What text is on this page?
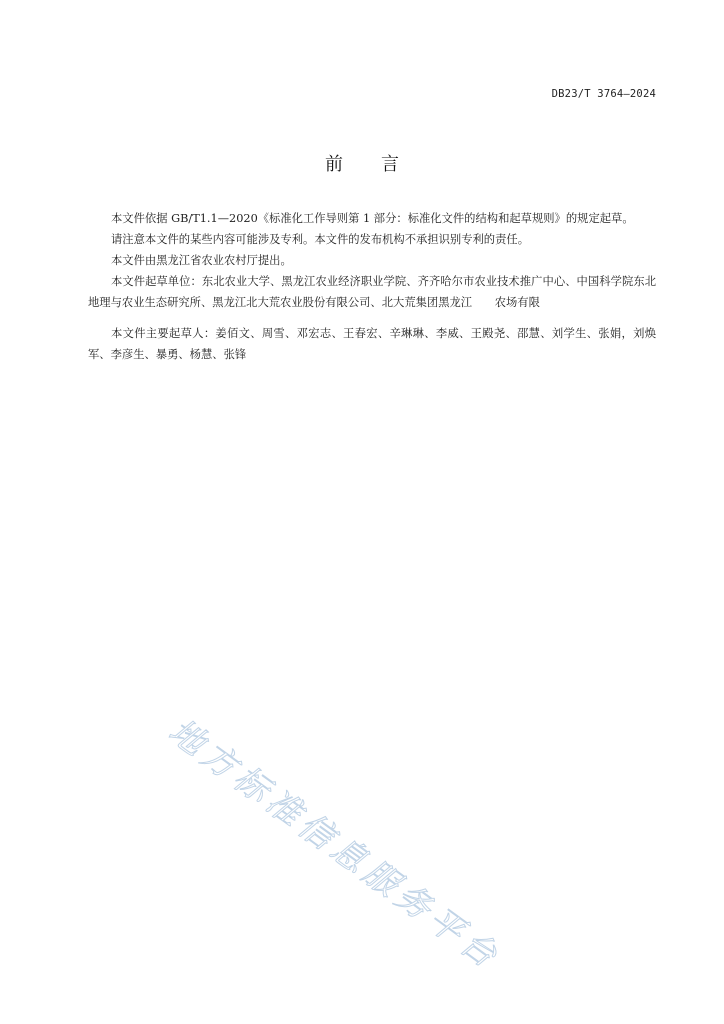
DB23/T 3764—2024
前 言

本文件依据 GB/T1.1—2020《标准化工作导则第 1 部分：标准化文件的结构和起草规则》的规定起草。

请注意本文件的某些内容可能涉及专利。本文件的发布机构不承担识别专利的责任。

本文件由黑龙江省农业农村厅提出。

本文件起草单位：东北农业大学、黑龙江农业经济职业学院、齐齐哈尔市农业技术推广中心、中国科学院东北地理与农业生态研究所、黑龙江北大荒农业股份有限公司、北大荒集团黑龙江　　农场有限

本文件主要起草人：姜佰文、周雪、邓宏志、王春宏、辛琳琳、李威、王殿尧、邵慧、刘学生、张娟，刘焕军、李彦生、暴勇、杨慧、张锋

地方标准信息服务平台
